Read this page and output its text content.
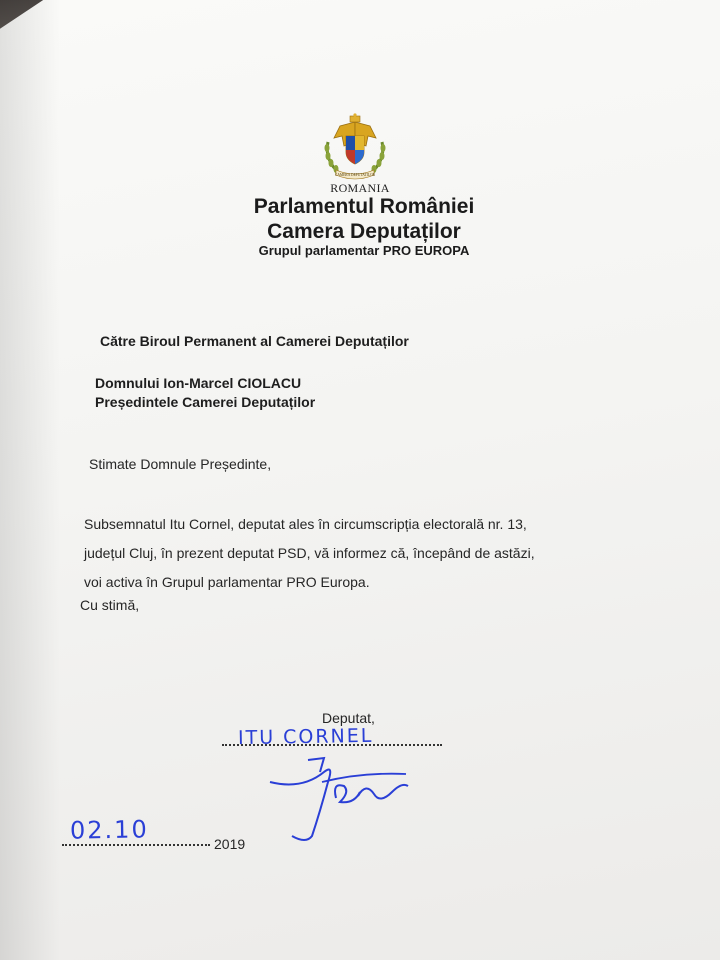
CAMERA DEPUTATILOR
ROMANIA
Parlamentul României
Camera Deputaților
Grupul parlamentar PRO EUROPA
Către Biroul Permanent al Camerei Deputaților
Domnului Ion-Marcel CIOLACU
Președintele Camerei Deputaților
Stimate Domnule Președinte,
Subsemnatul Itu Cornel, deputat ales în circumscripția electorală nr. 13,
județul Cluj, în prezent deputat PSD, vă informez că, începând de astăzi,
voi activa în Grupul parlamentar PRO Europa.
Cu stimă,
Deputat,
ITU CORNEL
02.10	2019
